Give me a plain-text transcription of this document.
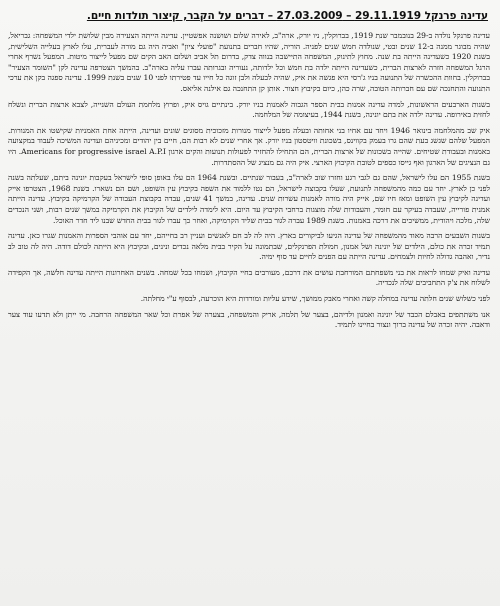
עדינה פרנקל 29.11.1919 – 27.03.2009 – דברים על הקבר, קיצור תולדות חיים.

עדינה פרנקל נולדה ב-29 בנובמבר שנת 1919, בברוקלין, ניו יורק, ארה"ב, לאירה שלום ושושנה אפשטיין. עדינה הייתה הצעירה מבין שלושת ילדי המשפחה: גבריאל, שהיה מבוגר ממנה ב-12 שנים ובטי, שנולדה חמש שנים לפניה. הוריה, שהיו חברים בתנועת "פועלי ציון" ואביה היה גם מורה לעברית, עלו לארץ בעלייה השלישית, בשנת 1920 כשעדינה הייתה בת שנה. מחוץ לתינוק, המשפחה התיישבה בנווה צדק, בדרום תל אביב ושלום האב הקים שם מפעל לייצור מיטות. המפעל נשרף אחרי הרגל המשפחה חזרה לארצות הברית, כשעדינה הייתה ילדה בת חמש וכל ילדותה, נעוריה ובגרותה עברו עליה בארה"ב. בהמשך הצטרפה עדינה לקן "השומר הצעיר" בברוקלין. בחוות ההכשרה של התנועה בניו ג'רסי היא פגשה את איק, שהיה לבעלה ולבן זוגה כל חייו עד פטירתו לפני 10 שנים בשנת 1999. עדינה ספגה בקן את ערכי התנועה והתחנכה שם עם חברותה הטובה, שרה כהן, כיום בקיבוץ חצור. אותן קן התחנכה גם אילנה אליאס.

בשנות הארבעים הראשונות, למדה עדינה אמנות בבית הספר הגבוה לאמנות בניו יורק. בינתיים גויס איק, ופרוץ מלחמת העולם השנייה, לצבא ארצות הברית ונשלח לחזית באירופה. עדינה ילדה את בתם יונינה, בשנת 1944, בעיצומה של המלחמה.

איק שב מהמלחמה בינואר 1946 ויחד עם אחיו בני אחותה ובעלה מפעל לייצור מנורות מזכוכית מסוגים שונים ועדינה, הייתה אחת האמניות שקישטו את המנורות. המפעל שלהם שגשג בעת שהם גרו בעמק בקווינס, בשכונת וויטסטון בניו יורק. אך אחרי שנים לא רבות הם, חיים בין יהודים ומכיניהם ועדינה המשיכה לעבוד במקצועה באמנות ובעבודת שטיחים. שהייה בשכונות של ארצות הברית, הם התחילו להחזיר לפעולות תנועות והקים ארגון Americans for progressive israel A.P.I. היו גם הנציגים של הארגון ואף גייסו כספים לטובת הקיבוץ הארצי. איק היה גם מנציג של ההסתדרות.

בשנת 1955 הם עלו לישראל, שהם גם לגבי רגע וחזרו שוב לארה"ב, בעבור שנתיים. ובשנת 1964 הם עלו באופן סופי לישראל בעקבות יונינה ביתם, שעלתה בשנה לפני כן לארץ. יחד עם כמה מהמשפחה לתנועת, שעלו בקבוצה לישראל, הם נטו ללמוד את השפה בקיבוץ עין השופט, ושם הם נשארו. בשנת 1968, הצטרפו אייק ועדינה לקיבוץ עין השופט ומאז חיו שם, אייק היה מורה לאמנות עשרות שנים. עדינה, במשך 41 שנים, עבדה בקבוצת העבודה של הקרמיקה בקיבוץ. עדינה הייתה אמנית פורייה, שעבדה בעיקר עם חומר, והעבודות שלה מוצגות ברחבי הקיבוץ עד היום. היא לימדה לילדים של הקיבוץ את הקרמיקה במשך שנים רבות, ושני הנכדים שלה, מלכה ויהודית, ממשיכים את דרכה באמנות. בשנת 1989 עברה לגור בבית שליד הקרמיקה, ואחר כך עברו לגור בבית החדש שבנו ליד חדר האוכל.

בשנות השבעים הרבה מאוד מהמשפחה של עדינה הגיעו לביקורים בארץ. היה לה לב חם לאנשים ועניין רב בחייהם, יחד עם אוהבי הספרות והאמנות שגרו כאן. עדינה תמיד זכרה את כולם, הילדים של יונינה ושל אמנון, חמולת הפרנקלים, שבתמונה על הקיר בבית מלאה נכדים ונינים, ובקיבוץ היא הייתה לכולם דודה. היה לה טוב לב נדיר, ואהבה גדולה לחיות ולצמחים. עדינה הייתה עם הפנים לחיים עד סוף ימיה.

עדינה ואיק שמחו לראות את בני משפחתם המורחבת עושים את דרכם, מעורבים בחיי הקיבוץ, ושמחו בכל שמחה. בשנים האחרונות הייתה עדינה חלשה, אך הקפידה לשלוח את צ'ק התחביבים שלה לנכדיה.

לפני כשלוש שנים חלתה עדינה במחלה קשה ואחרי מאבק ממושך, שידע עליות ומורדות היא הוכרעה, לבסוף ע"י מחלתה.

אנו משתתפים באבלם הכבד של יונינה ואמנון ולדיהם, בצער של תלמה, אריק והמשפחה, בצערה של אפרת וכל שאר המשפחה הרחבה. מי ייתן ולא תדעו עוד צער ודאבה. יהיה זכרה של עדינה ברוך ונצור בחיינו לתמיד.
